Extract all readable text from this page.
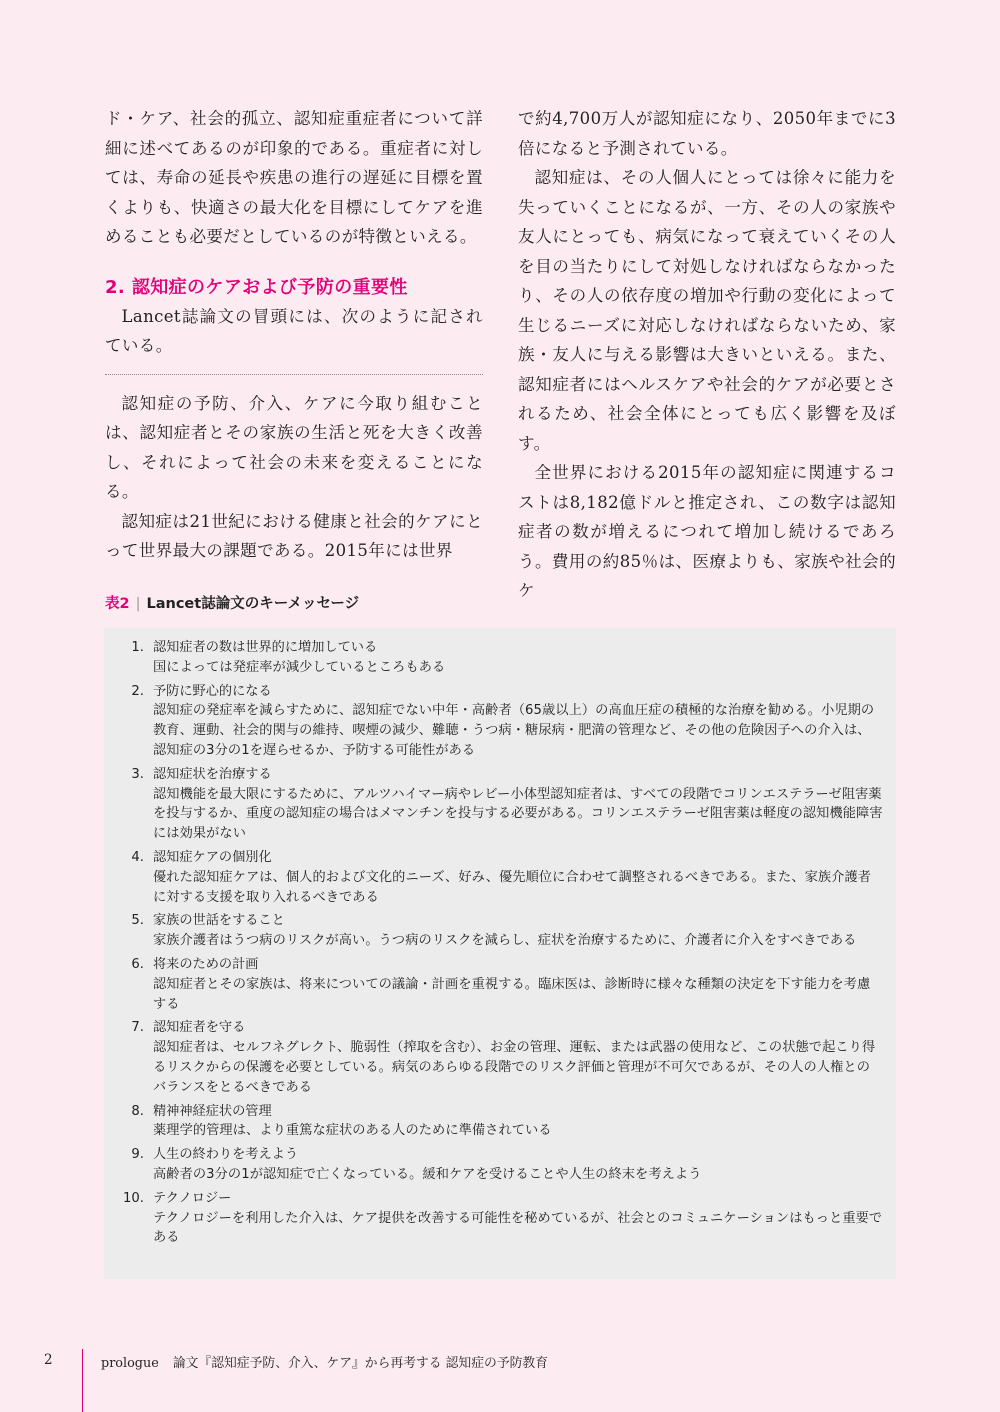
ド・ケア、社会的孤立、認知症重症者について詳細に述べてあるのが印象的である。重症者に対しては、寿命の延長や疾患の進行の遅延に目標を置くよりも、快適さの最大化を目標にしてケアを進めることも必要だとしているのが特徴といえる。

2. 認知症のケアおよび予防の重要性

Lancet誌論文の冒頭には、次のように記されている。

認知症の予防、介入、ケアに今取り組むことは、認知症者とその家族の生活と死を大きく改善し、それによって社会の未来を変えることになる。

認知症は21世紀における健康と社会的ケアにとって世界最大の課題である。2015年には世界

で約4,700万人が認知症になり、2050年までに3倍になると予測されている。

認知症は、その人個人にとっては徐々に能力を失っていくことになるが、一方、その人の家族や友人にとっても、病気になって衰えていくその人を目の当たりにして対処しなければならなかったり、その人の依存度の増加や行動の変化によって生じるニーズに対応しなければならないため、家族・友人に与える影響は大きいといえる。また、認知症者にはヘルスケアや社会的ケアが必要とされるため、社会全体にとっても広く影響を及ぼす。

全世界における2015年の認知症に関連するコストは8,182億ドルと推定され、この数字は認知症者の数が増えるにつれて増加し続けるであろう。費用の約85％は、医療よりも、家族や社会的ケ

表2 | Lancet誌論文のキーメッセージ
1. 認知症者の数は世界的に増加している
国によっては発症率が減少しているところもある
2. 予防に野心的になる
認知症の発症率を減らすために、認知症でない中年・高齢者（65歳以上）の高血圧症の積極的な治療を勧める。小児期の教育、運動、社会的関与の維持、喫煙の減少、難聴・うつ病・糖尿病・肥満の管理など、その他の危険因子への介入は、認知症の3分の1を遅らせるか、予防する可能性がある
3. 認知症状を治療する
認知機能を最大限にするために、アルツハイマー病やレビー小体型認知症者は、すべての段階でコリンエステラーゼ阻害薬を投与するか、重度の認知症の場合はメマンチンを投与する必要がある。コリンエステラーゼ阻害薬は軽度の認知機能障害には効果がない
4. 認知症ケアの個別化
優れた認知症ケアは、個人的および文化的ニーズ、好み、優先順位に合わせて調整されるべきである。また、家族介護者に対する支援を取り入れるべきである
5. 家族の世話をすること
家族介護者はうつ病のリスクが高い。うつ病のリスクを減らし、症状を治療するために、介護者に介入をすべきである
6. 将来のための計画
認知症者とその家族は、将来についての議論・計画を重視する。臨床医は、診断時に様々な種類の決定を下す能力を考慮する
7. 認知症者を守る
認知症者は、セルフネグレクト、脆弱性（搾取を含む）、お金の管理、運転、または武器の使用など、この状態で起こり得るリスクからの保護を必要としている。病気のあらゆる段階でのリスク評価と管理が不可欠であるが、その人の人権とのバランスをとるべきである
8. 精神神経症状の管理
薬理学的管理は、より重篤な症状のある人のために準備されている
9. 人生の終わりを考えよう
高齢者の3分の1が認知症で亡くなっている。緩和ケアを受けることや人生の終末を考えよう
10. テクノロジー
テクノロジーを利用した介入は、ケア提供を改善する可能性を秘めているが、社会とのコミュニケーションはもっと重要である
2	prologue 論文『認知症予防、介入、ケア』から再考する 認知症の予防教育
